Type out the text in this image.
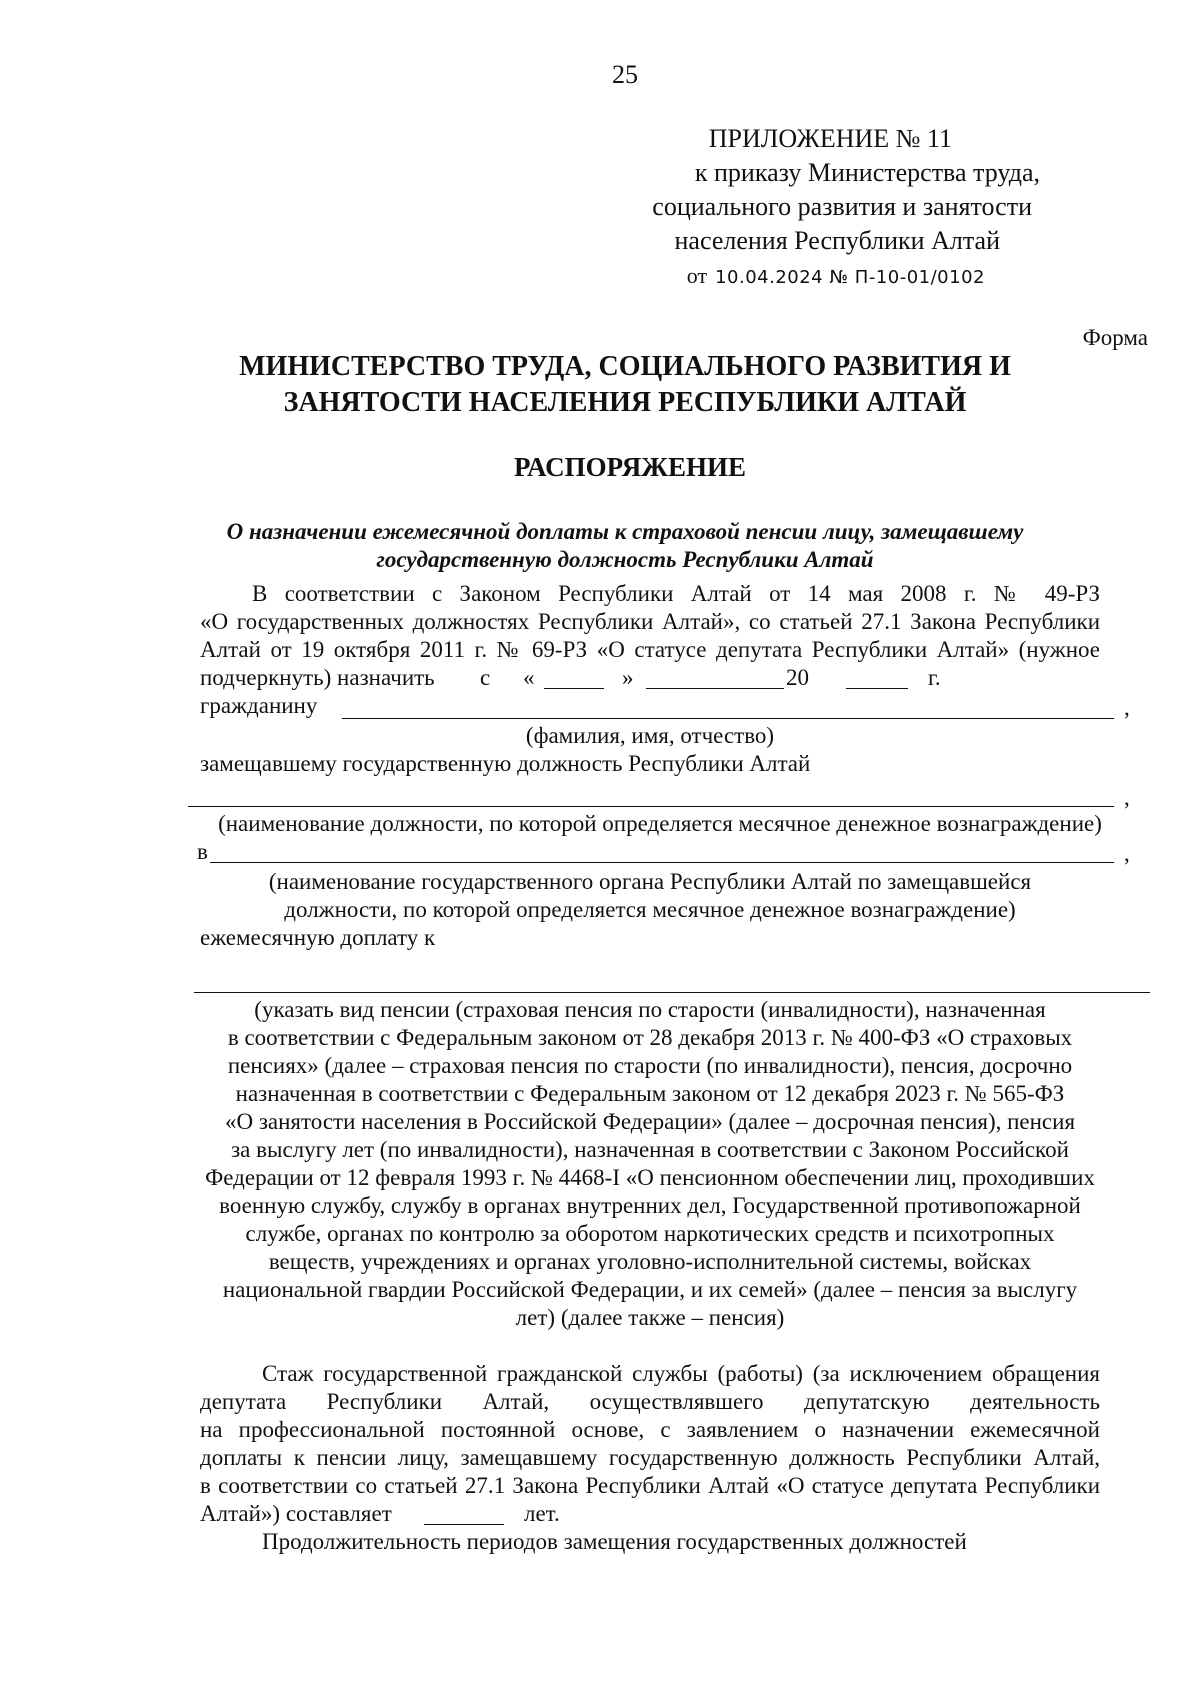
25
ПРИЛОЖЕНИЕ № 11
к приказу Министерства труда,
социального развития и занятости
населения Республики Алтай
от 10.04.2024 № П-10-01/0102
Форма
МИНИСТЕРСТВО ТРУДА, СОЦИАЛЬНОГО РАЗВИТИЯ И ЗАНЯТОСТИ НАСЕЛЕНИЯ РЕСПУБЛИКИ АЛТАЙ
РАСПОРЯЖЕНИЕ
О назначении ежемесячной доплаты к страховой пенсии лицу, замещавшему государственную должность Республики Алтай
В соответствии с Законом Республики Алтай от 14 мая 2008 г. № 49-РЗ
«О государственных должностях Республики Алтай», со статьей 27.1 Закона Республики
Алтай от 19 октября 2011 г. № 69-РЗ «О статусе депутата Республики Алтай» (нужное
подчеркнуть) назначить с «	»	20	г.
гражданину	,
(фамилия, имя, отчество)
замещавшему государственную должность Республики Алтай
,
(наименование должности, по которой определяется месячное денежное вознаграждение)
в	,
(наименование государственного органа Республики Алтай по замещавшейся
должности, по которой определяется месячное денежное вознаграждение)
ежемесячную доплату к
(указать вид пенсии (страховая пенсия по старости (инвалидности), назначенная
в соответствии с Федеральным законом от 28 декабря 2013 г. № 400-ФЗ «О страховых
пенсиях» (далее – страховая пенсия по старости (по инвалидности), пенсия, досрочно
назначенная в соответствии с Федеральным законом от 12 декабря 2023 г. № 565-ФЗ
«О занятости населения в Российской Федерации» (далее – досрочная пенсия), пенсия
за выслугу лет (по инвалидности), назначенная в соответствии с Законом Российской
Федерации от 12 февраля 1993 г. № 4468-I «О пенсионном обеспечении лиц, проходивших
военную службу, службу в органах внутренних дел, Государственной противопожарной
службе, органах по контролю за оборотом наркотических средств и психотропных
веществ, учреждениях и органах уголовно-исполнительной системы, войсках
национальной гвардии Российской Федерации, и их семей» (далее – пенсия за выслугу
лет) (далее также – пенсия)
Стаж государственной гражданской службы (работы) (за исключением обращения
депутата Республики Алтай, осуществлявшего депутатскую деятельность
на профессиональной постоянной основе, с заявлением о назначении ежемесячной
доплаты к пенсии лицу, замещавшему государственную должность Республики Алтай,
в соответствии со статьей 27.1 Закона Республики Алтай «О статусе депутата Республики
Алтай») составляет	лет.
Продолжительность периодов замещения государственных должностей
